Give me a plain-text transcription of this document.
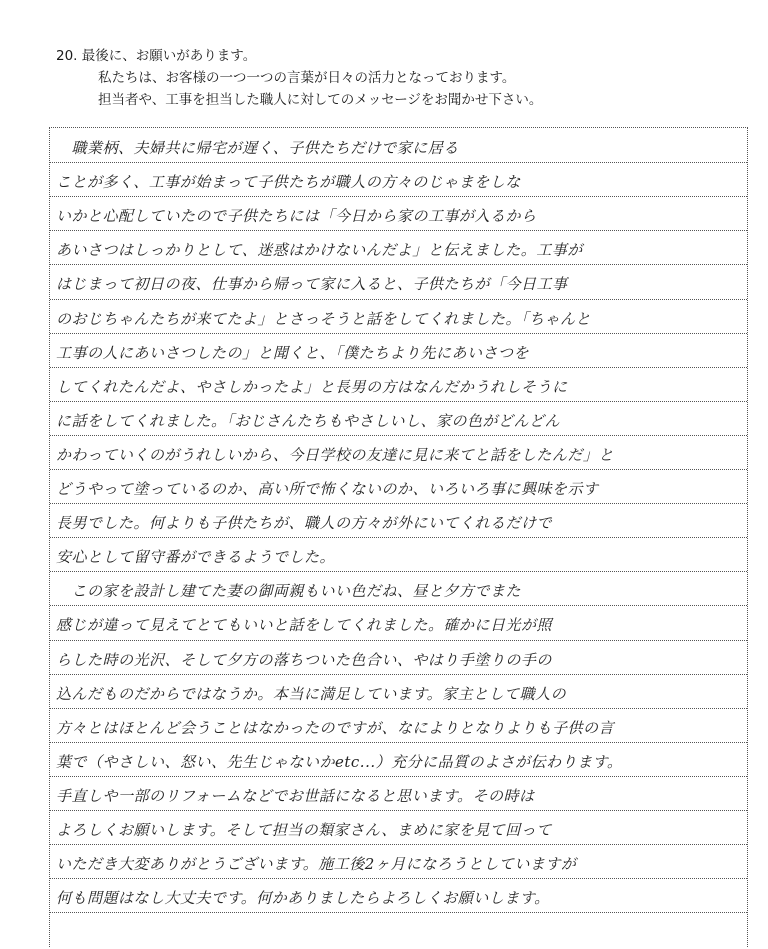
20. 最後に、お願いがあります。
私たちは、お客様の一つ一つの言葉が日々の活力となっております。
担当者や、工事を担当した職人に対してのメッセージをお聞かせ下さい。
　職業柄、夫婦共に帰宅が遅く、子供たちだけで家に居る
ことが多く、工事が始まって子供たちが職人の方々のじゃまをしな
いかと心配していたので子供たちには「今日から家の工事が入るから
あいさつはしっかりとして、迷惑はかけないんだよ」と伝えました。工事が
はじまって初日の夜、仕事から帰って家に入ると、子供たちが「今日工事
のおじちゃんたちが来てたよ」とさっそうと話をしてくれました。「ちゃんと
工事の人にあいさつしたの」と聞くと、「僕たちより先にあいさつを
してくれたんだよ、やさしかったよ」と長男の方はなんだかうれしそうに
に話をしてくれました。「おじさんたちもやさしいし、家の色がどんどん
かわっていくのがうれしいから、今日学校の友達に見に来てと話をしたんだ」と
どうやって塗っているのか、高い所で怖くないのか、いろいろ事に興味を示す
長男でした。何よりも子供たちが、職人の方々が外にいてくれるだけで
安心として留守番ができるようでした。
　この家を設計し建てた妻の御両親もいい色だね、昼と夕方でまた
感じが違って見えてとてもいいと話をしてくれました。確かに日光が照
らした時の光沢、そして夕方の落ちついた色合い、やはり手塗りの手の
込んだものだからではなうか。本当に満足しています。家主として職人の
方々とはほとんど会うことはなかったのですが、なによりとなりよりも子供の言
葉で（やさしい、怒い、先生じゃないかetc...）充分に品質のよさが伝わります。
手直しや一部のリフォームなどでお世話になると思います。その時は
よろしくお願いします。そして担当の類家さん、まめに家を見て回って
いただき大変ありがとうございます。施工後2ヶ月になろうとしていますが
何も問題はなし大丈夫です。何かありましたらよろしくお願いします。
